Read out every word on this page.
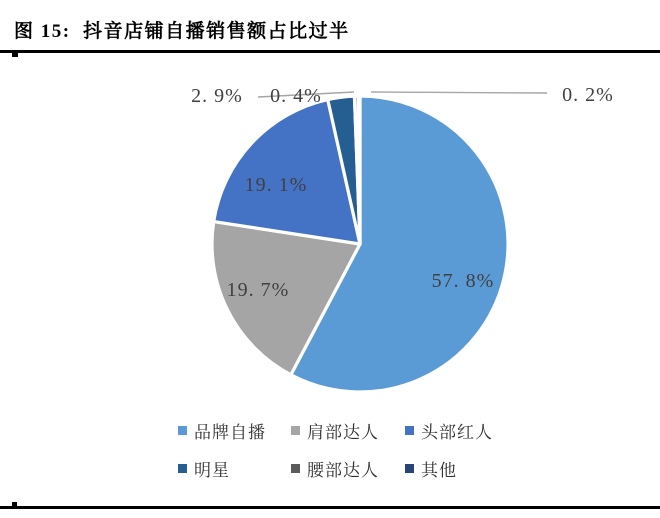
图 15:  抖音店铺自播销售额占比过半
57. 8%
19. 7%
19. 1%
2. 9% 0. 4%	0. 2%
品牌自播 肩部达人 头部红人
明星	腰部达人 其他
